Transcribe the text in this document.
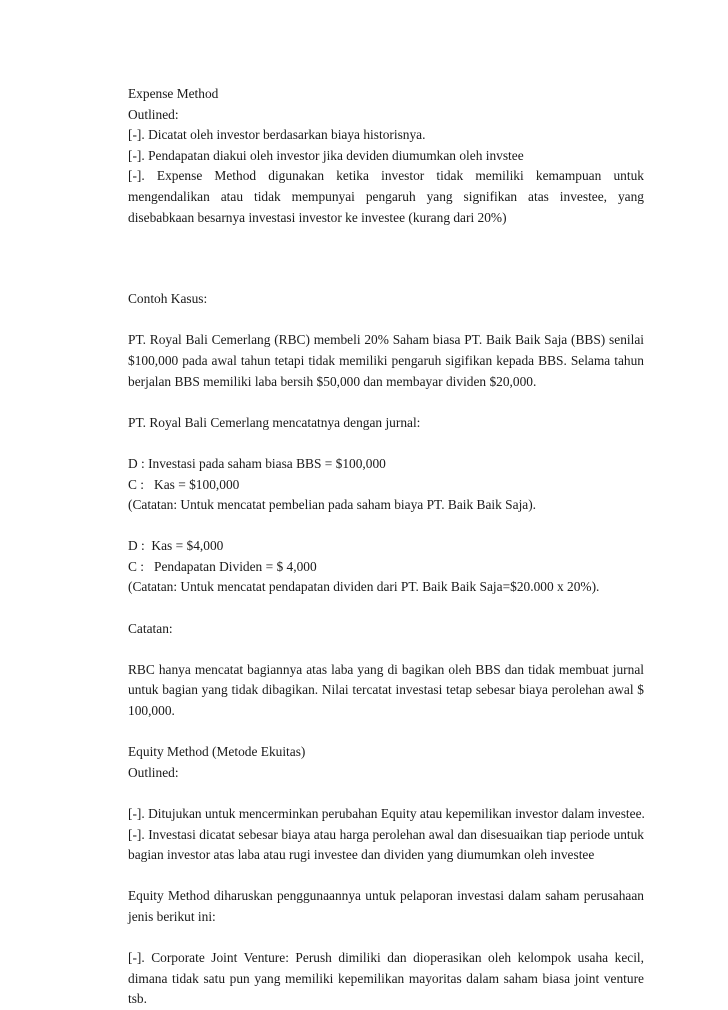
Expense Method
Outlined:
[-]. Dicatat oleh investor berdasarkan biaya historisnya.
[-]. Pendapatan diakui oleh investor jika deviden diumumkan oleh invstee
[-]. Expense Method digunakan ketika investor tidak memiliki kemampuan untuk mengendalikan atau tidak mempunyai pengaruh yang signifikan atas investee, yang disebabkaan besarnya investasi investor ke investee (kurang dari 20%)
Contoh Kasus:
PT. Royal Bali Cemerlang (RBC) membeli 20% Saham biasa PT. Baik Baik Saja (BBS) senilai $100,000 pada awal tahun tetapi tidak memiliki pengaruh sigifikan kepada BBS. Selama tahun berjalan BBS memiliki laba bersih $50,000 dan membayar dividen $20,000.
PT. Royal Bali Cemerlang mencatatnya dengan jurnal:
D : Investasi pada saham biasa BBS = $100,000
C :   Kas = $100,000
(Catatan: Untuk mencatat pembelian pada saham biaya PT. Baik Baik Saja).
D :  Kas = $4,000
C :   Pendapatan Dividen = $ 4,000
(Catatan: Untuk mencatat pendapatan dividen dari PT. Baik Baik Saja=$20.000 x 20%).
Catatan:
RBC hanya mencatat bagiannya atas laba yang di bagikan oleh BBS dan tidak membuat jurnal untuk bagian yang tidak dibagikan. Nilai tercatat investasi tetap sebesar biaya perolehan awal $ 100,000.
Equity Method (Metode Ekuitas)
Outlined:
[-]. Ditujukan untuk mencerminkan perubahan Equity atau kepemilikan investor dalam investee.
[-]. Investasi dicatat sebesar biaya atau harga perolehan awal dan disesuaikan tiap periode untuk bagian investor atas laba atau rugi investee dan dividen yang diumumkan oleh investee
Equity Method diharuskan penggunaannya untuk pelaporan investasi dalam saham perusahaan jenis berikut ini:
[-]. Corporate Joint Venture: Perush dimiliki dan dioperasikan oleh kelompok usaha kecil, dimana tidak satu pun yang memiliki kepemilikan mayoritas dalam saham biasa joint venture tsb.
